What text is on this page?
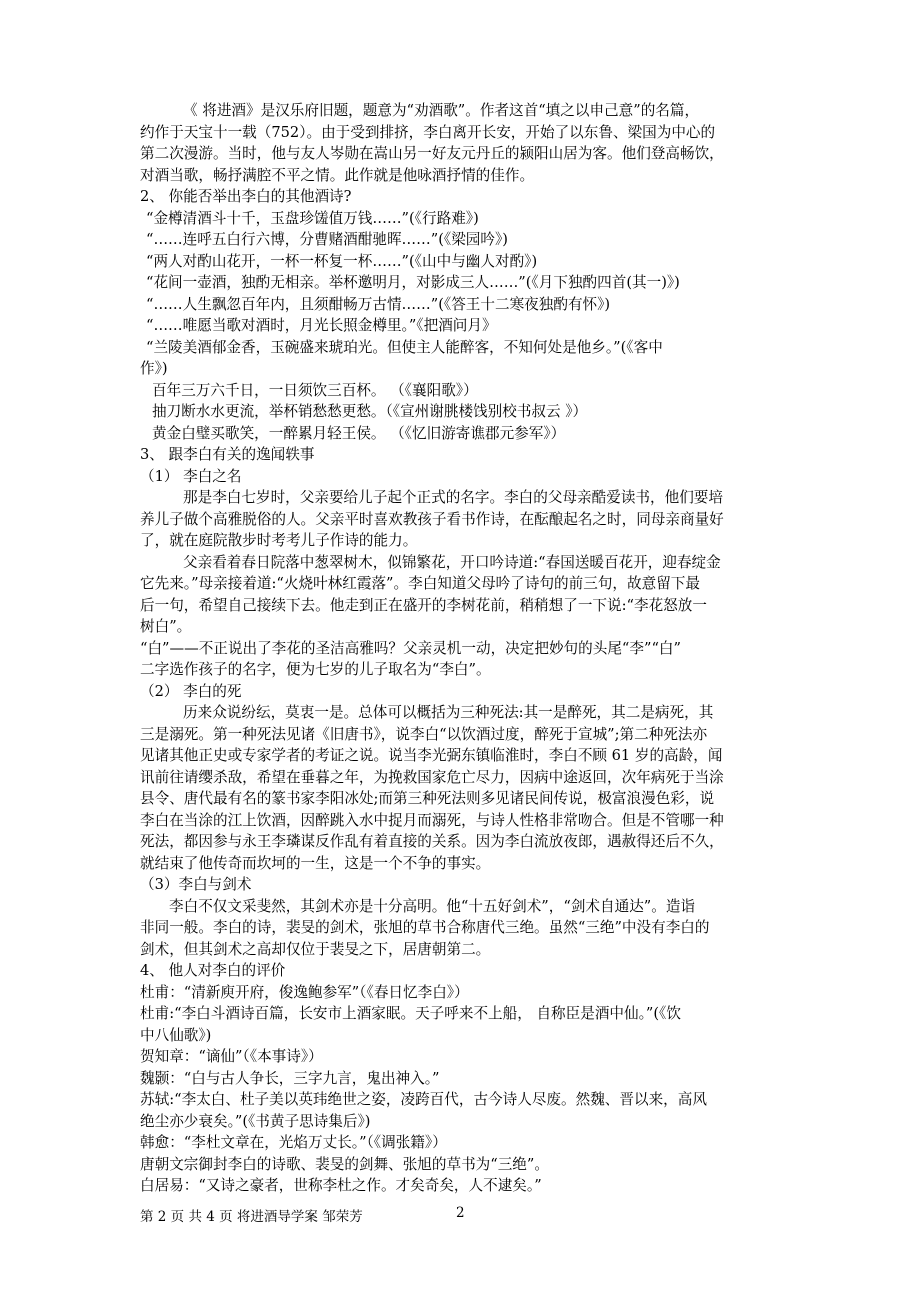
《 将进酒》是汉乐府旧题，题意为“劝酒歌”。作者这首“填之以申己意”的名篇，
约作于天宝十一载（752）。由于受到排挤，李白离开长安，开始了以东鲁、梁国为中心的
第二次漫游。当时，他与友人岑勋在嵩山另一好友元丹丘的颍阳山居为客。他们登高畅饮，
对酒当歌，畅抒满腔不平之情。此作就是他咏酒抒情的佳作。
2、 你能否举出李白的其他酒诗?
“金樽清酒斗十千，玉盘珍馐值万钱……”(《行路难》)
“……连呼五白行六博，分曹赌酒酣驰晖……”(《梁园吟》)
“两人对酌山花开，一杯一杯复一杯……”(《山中与幽人对酌》)
“花间一壶酒，独酌无相亲。举杯邀明月，对影成三人……”(《月下独酌四首(其一)》)
“……人生飘忽百年内，且须酣畅万古情……”(《答王十二寒夜独酌有怀》)
“……唯愿当歌对酒时，月光长照金樽里。”《把酒问月》
“兰陵美酒郁金香，玉碗盛来琥珀光。但使主人能醉客，不知何处是他乡。”(《客中
作》)
百年三万六千日，一日须饮三百杯。 （《襄阳歌》）
抽刀断水水更流，举杯销愁愁更愁。（《宣州谢朓楼饯别校书叔云 》）
黄金白璧买歌笑，一醉累月轻王侯。 （《忆旧游寄谯郡元参军》）
3、 跟李白有关的逸闻轶事
（1） 李白之名
那是李白七岁时，父亲要给儿子起个正式的名字。李白的父母亲酷爱读书，他们要培
养儿子做个高雅脱俗的人。父亲平时喜欢教孩子看书作诗，在酝酿起名之时，同母亲商量好
了，就在庭院散步时考考儿子作诗的能力。
父亲看着春日院落中葱翠树木，似锦繁花，开口吟诗道:“春国送暖百花开，迎春绽金
它先来。”母亲接着道:“火烧叶林红霞落”。李白知道父母吟了诗句的前三句，故意留下最
后一句，希望自己接续下去。他走到正在盛开的李树花前，稍稍想了一下说:“李花怒放一
树白”。
“白”——不正说出了李花的圣洁高雅吗？父亲灵机一动，决定把妙句的头尾“李”“白”
二字选作孩子的名字，便为七岁的儿子取名为“李白”。
（2） 李白的死
历来众说纷纭，莫衷一是。总体可以概括为三种死法:其一是醉死，其二是病死，其
三是溺死。第一种死法见诸《旧唐书》，说李白“以饮酒过度，醉死于宣城”;第二种死法亦
见诸其他正史或专家学者的考证之说。说当李光弼东镇临淮时，李白不顾 61 岁的高龄，闻
讯前往请缨杀敌，希望在垂暮之年，为挽救国家危亡尽力，因病中途返回，次年病死于当涂
县令、唐代最有名的篆书家李阳冰处;而第三种死法则多见诸民间传说，极富浪漫色彩，说
李白在当涂的江上饮酒，因醉跳入水中捉月而溺死，与诗人性格非常吻合。但是不管哪一种
死法，都因参与永王李璘谋反作乱有着直接的关系。因为李白流放夜郎，遇赦得还后不久，
就结束了他传奇而坎坷的一生，这是一个不争的事实。
（3）李白与剑术
李白不仅文采斐然，其剑术亦是十分高明。他“十五好剑术”，“剑术自通达”。造诣
非同一般。李白的诗，裴旻的剑术，张旭的草书合称唐代三绝。虽然“三绝”中没有李白的
剑术，但其剑术之高却仅位于裴旻之下，居唐朝第二。
4、 他人对李白的评价
杜甫：“清新庾开府，俊逸鲍参军”（《春日忆李白》）
杜甫:“李白斗酒诗百篇，长安市上酒家眠。天子呼来不上船， 自称臣是酒中仙。”(《饮
中八仙歌》)
贺知章：“谪仙”（《本事诗》）
魏颢：“白与古人争长，三字九言，鬼出神入。”
苏轼:“李太白、杜子美以英玮绝世之姿，凌跨百代，古今诗人尽废。然魏、晋以来，高风
绝尘亦少衰矣。”(《书黄子思诗集后》)
韩愈：“李杜文章在，光焰万丈长。”（《调张籍》）
唐朝文宗御封李白的诗歌、裴旻的剑舞、张旭的草书为“三绝”。
白居易：“又诗之豪者，世称李杜之作。才矣奇矣，人不逮矣。”
第 2 页 共 4 页 将进酒导学案 邹荣芳	2
